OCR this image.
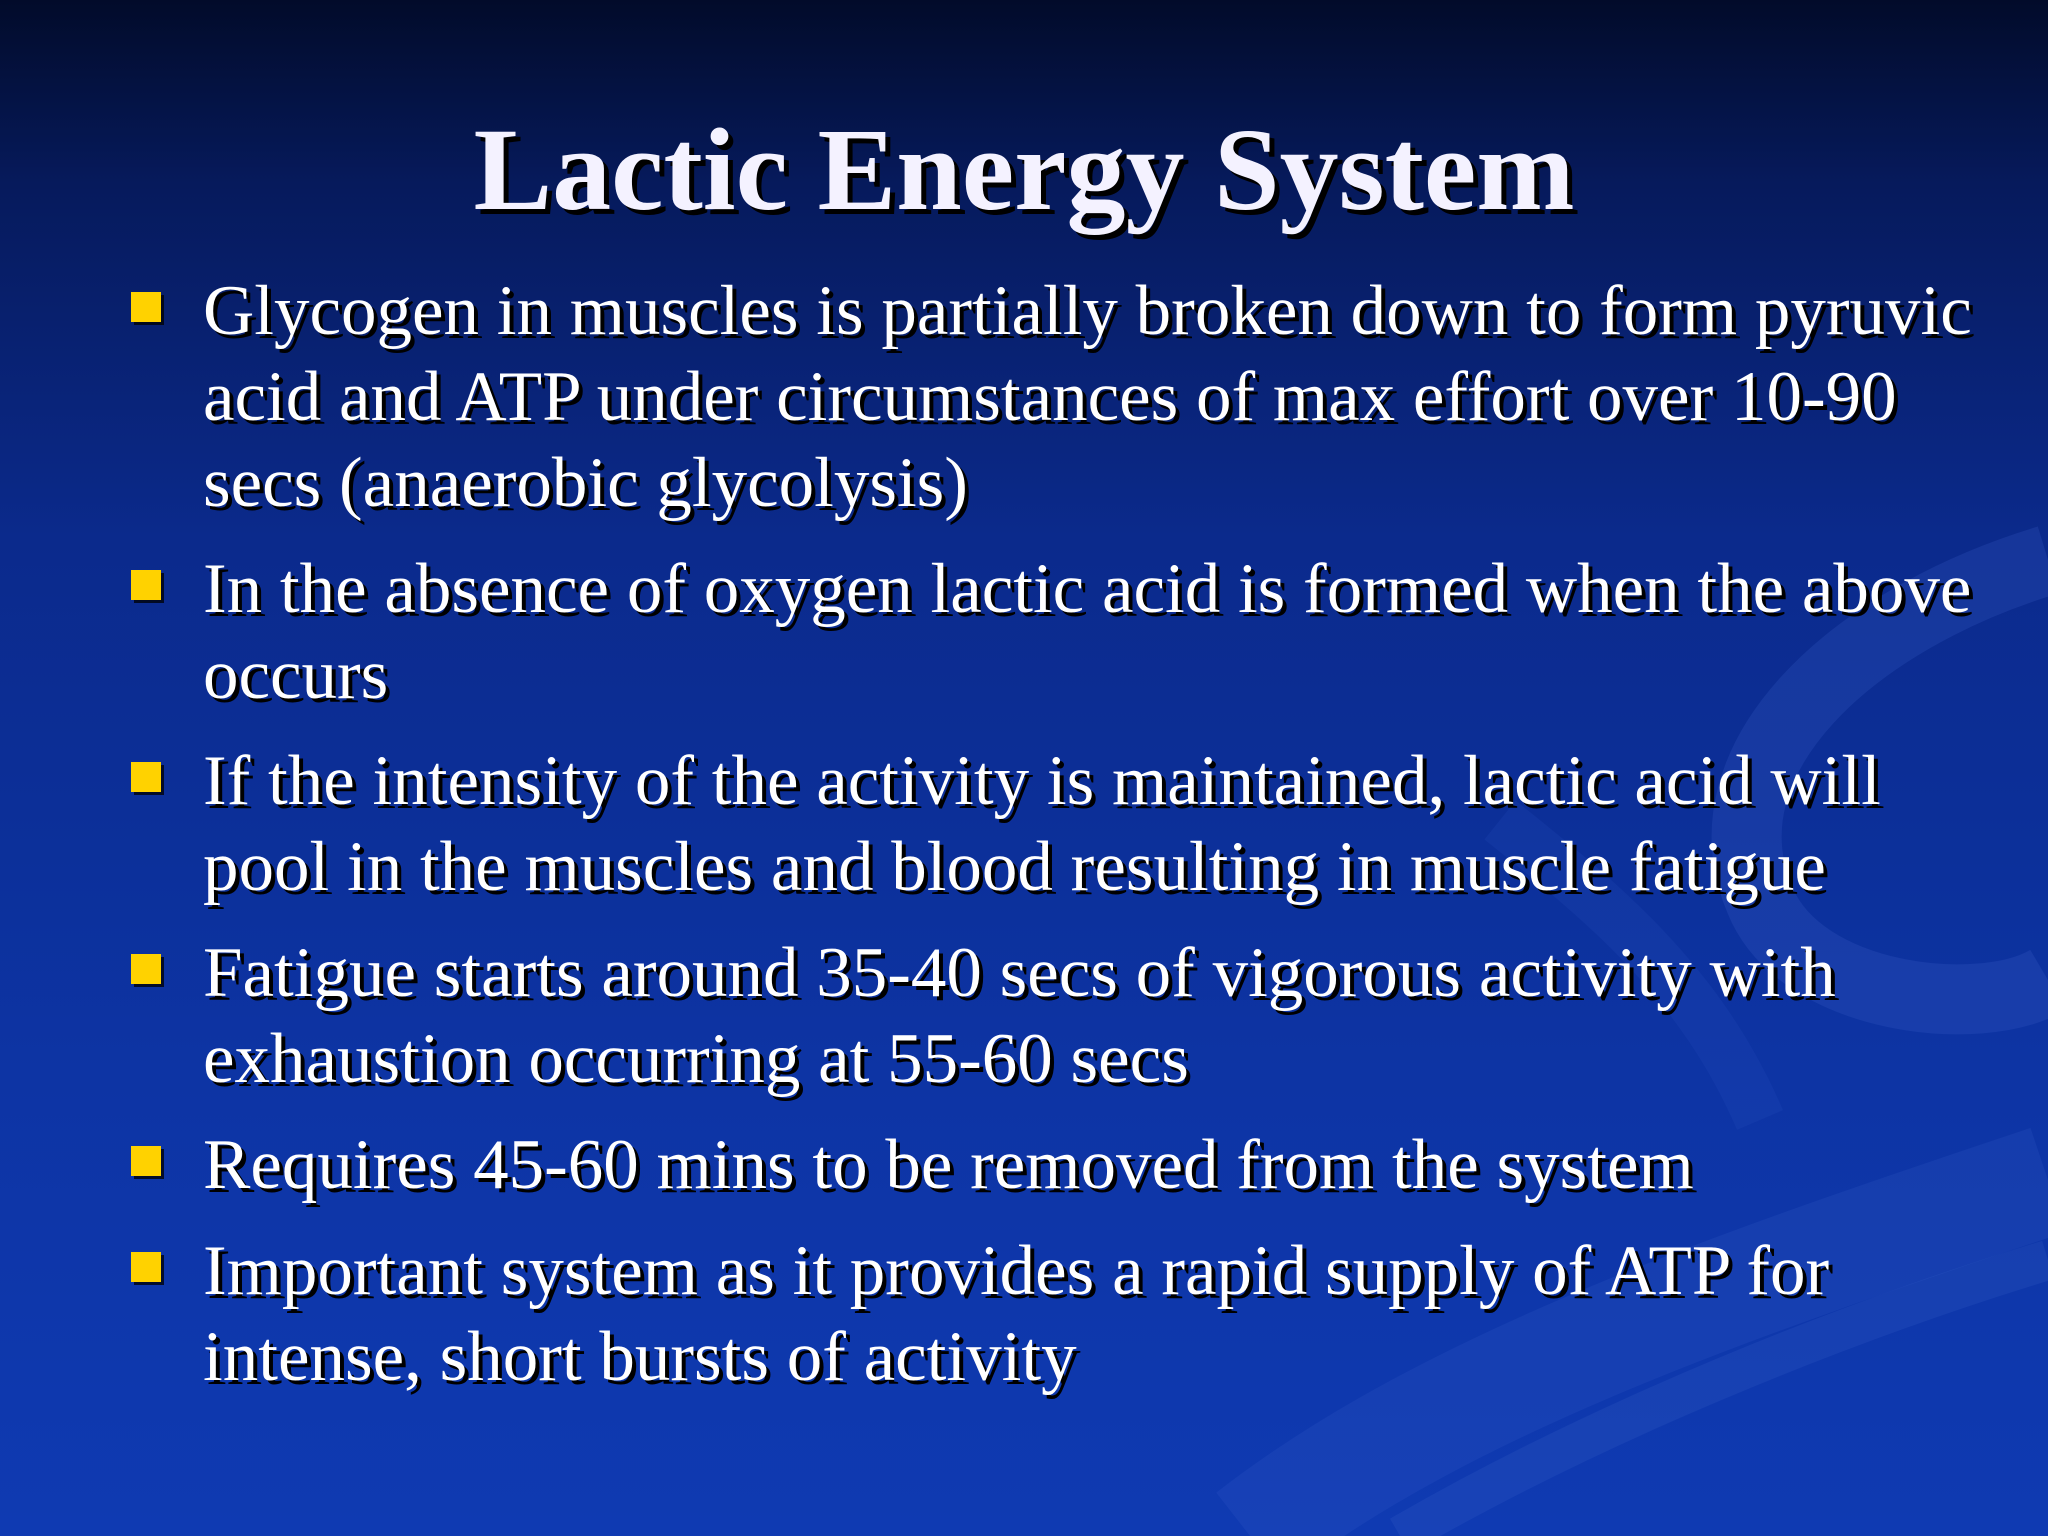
Lactic Energy System
Glycogen in muscles is partially broken down to form pyruvic acid and ATP under circumstances of max effort over 10-90 secs (anaerobic glycolysis)
In the absence of oxygen lactic acid is formed when the above occurs
If the intensity of the activity is maintained, lactic acid will pool in the muscles and blood resulting in muscle fatigue
Fatigue starts around 35-40 secs of vigorous activity with exhaustion occurring at 55-60 secs
Requires 45-60 mins to be removed from the system
Important system as it provides a rapid supply of ATP for intense, short bursts of activity
